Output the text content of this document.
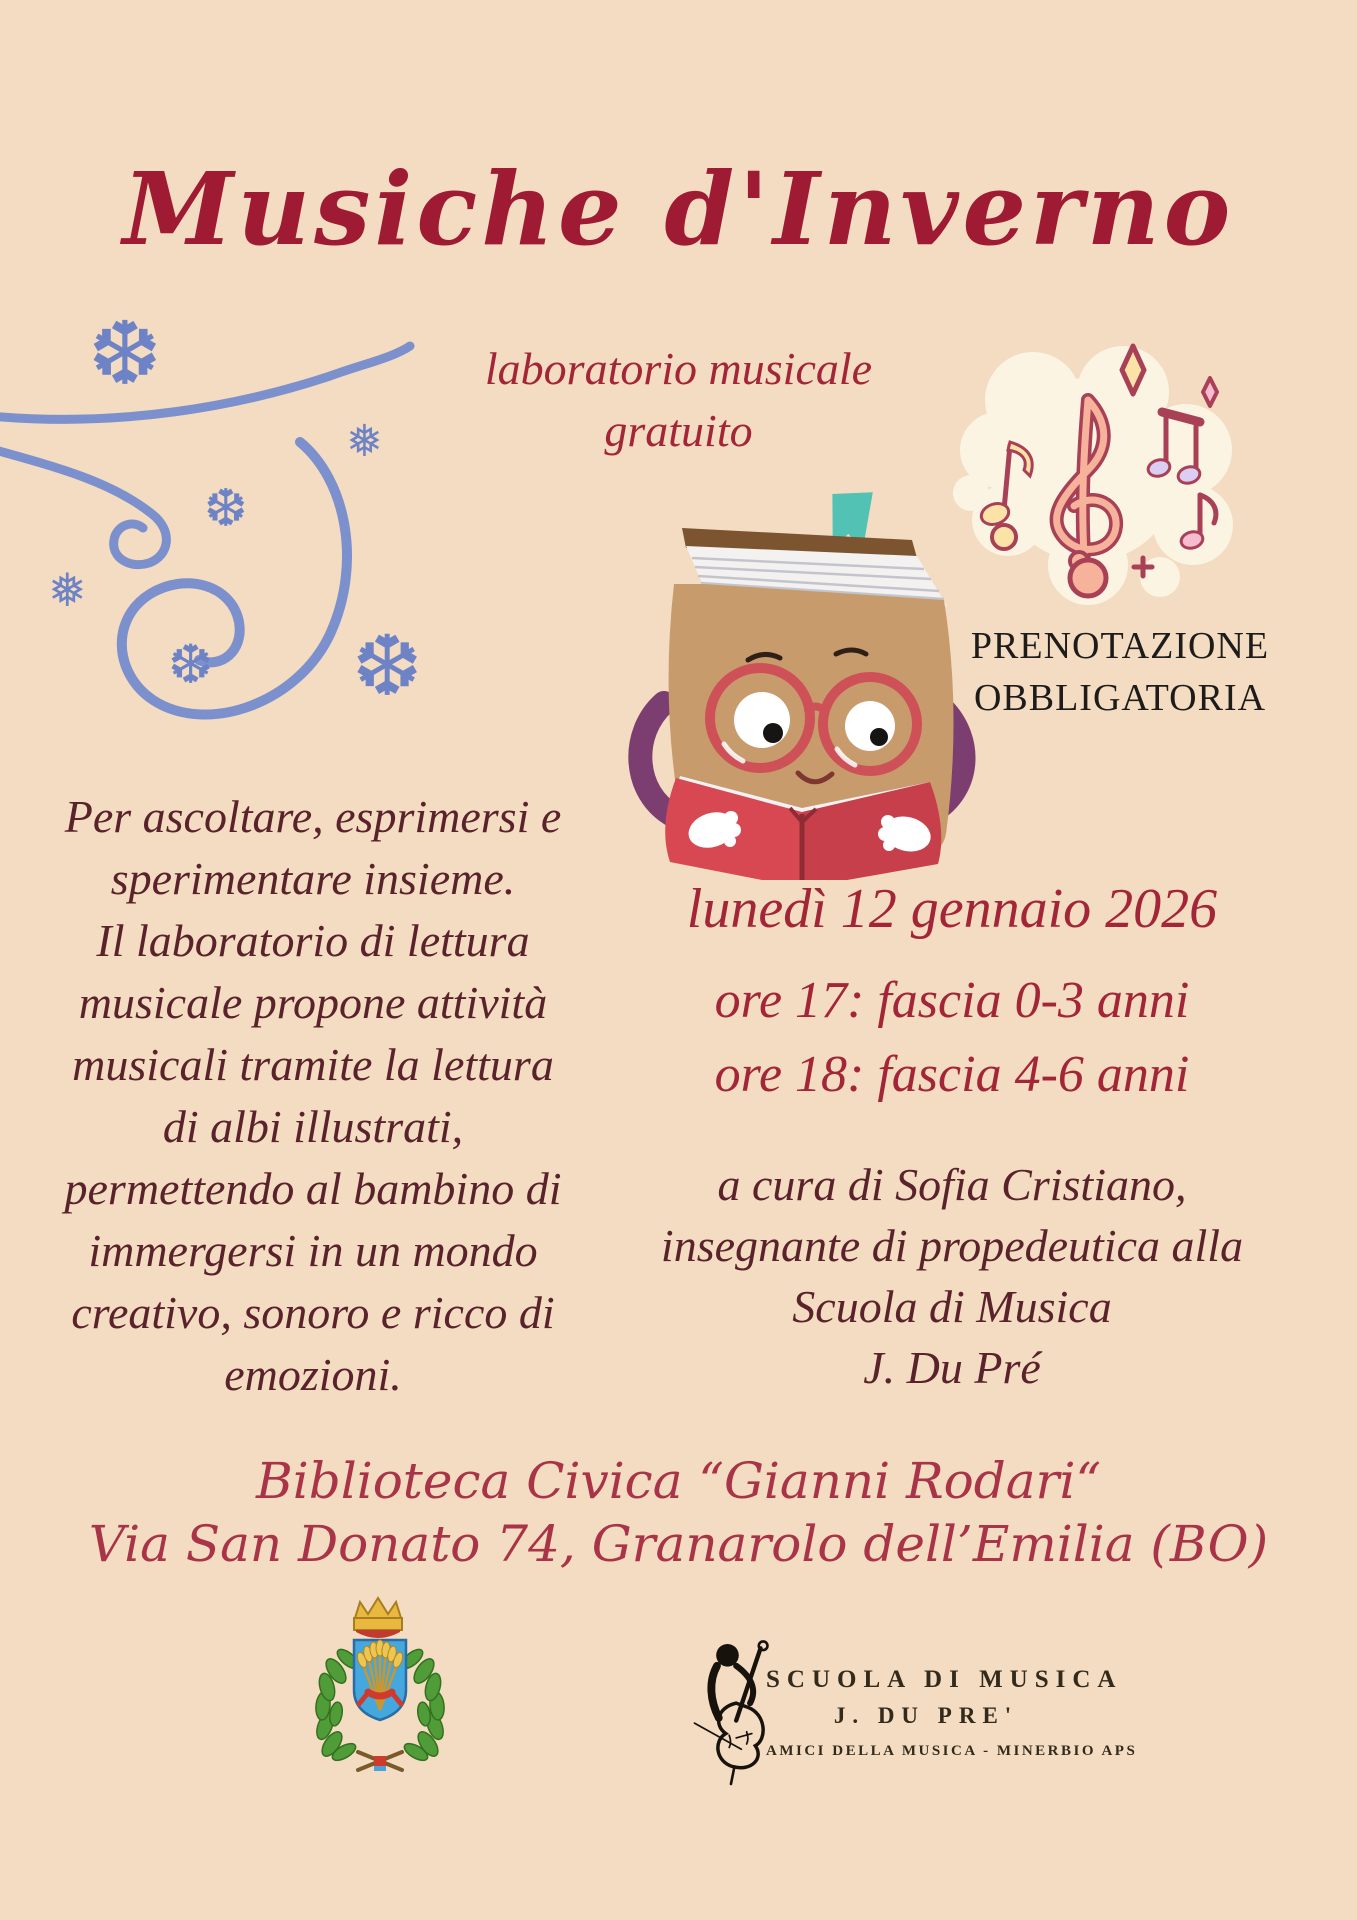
Musiche d'Inverno
laboratorio musicale
gratuito
❆
❅
❆
❅
❆ ❆	PRENOTAZIONE
OBBLIGATORIA
Per ascoltare, esprimersi e
sperimentare insieme.
Il laboratorio di lettura
musicale propone attività
musicali tramite la lettura
di albi illustrati,
permettendo al bambino di
immergersi in un mondo
creativo, sonoro e ricco di
emozioni.
lunedì 12 gennaio 2026
ore 17: fascia 0-3 anni
ore 18: fascia 4-6 anni
a cura di Sofia Cristiano,
insegnante di propedeutica alla
Scuola di Musica
J. Du Pré
Biblioteca Civica “Gianni Rodari“
Via San Donato 74, Granarolo dell’Emilia (BO)
SCUOLA DI MUSICA
J. DU PRE'
AMICI DELLA MUSICA - MINERBIO APS
